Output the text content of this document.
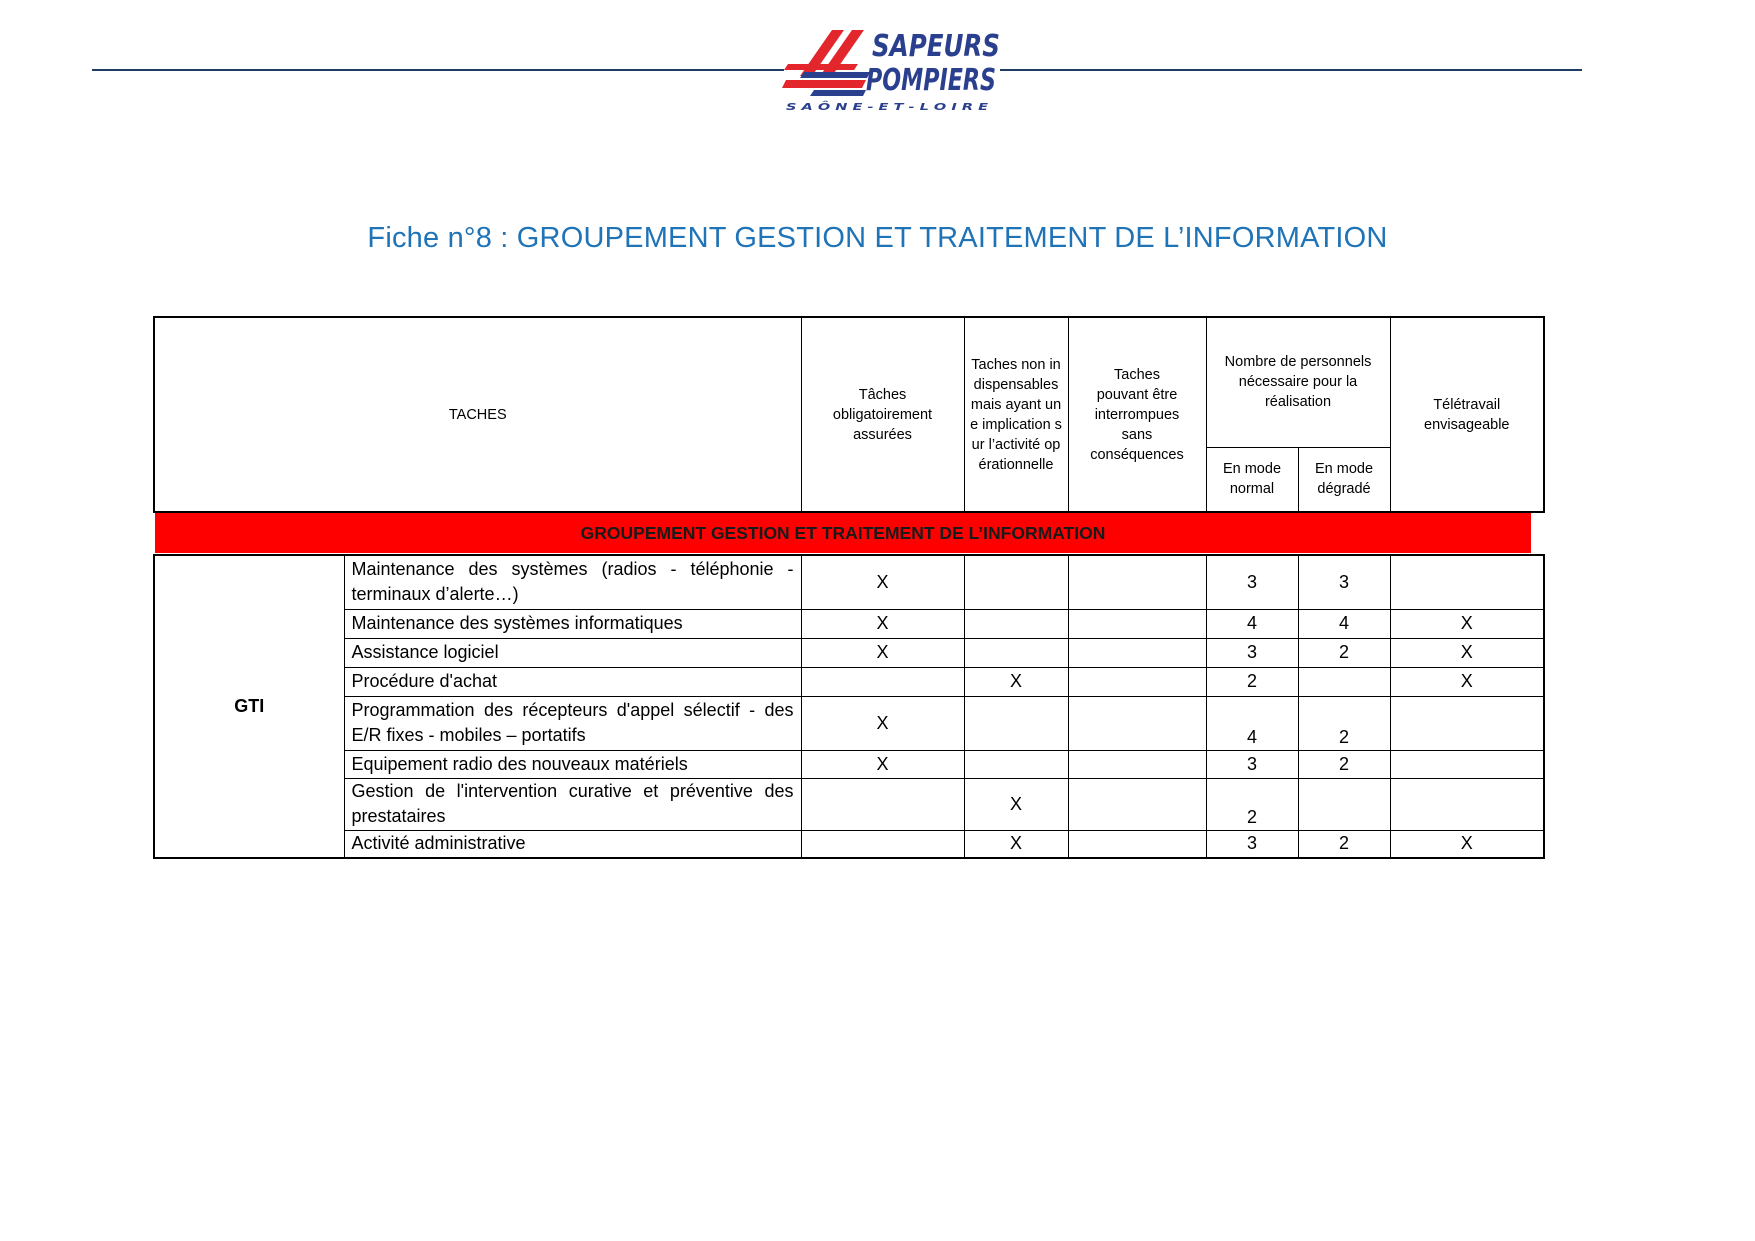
SAPEURS
POMPIERS
S A Ô N E - E T - L O I R E
Fiche n°8 : GROUPEMENT GESTION ET TRAITEMENT DE L’INFORMATION
TACHES	Tâches obligatoirement assurées	Taches non indispensables mais ayant une implication sur l’activité opérationnelle	Taches pouvant être interrompues sans conséquences	Nombre de personnels nécessaire pour la réalisation		Télétravail envisageable
				En mode normal	En mode dégradé	
GROUPEMENT GESTION ET TRAITEMENT DE L’INFORMATION
GTI	Maintenance des systèmes (radios - téléphonie - terminaux d’alerte…)	X			3	3	
	Maintenance des systèmes informatiques	X			4	4	X
	Assistance logiciel	X			3	2	X
	Procédure d'achat		X		2		X
	Programmation des récepteurs d'appel sélectif - des E/R fixes - mobiles – portatifs	X			4	2	
	Equipement radio des nouveaux matériels	X			3	2	
	Gestion de l'intervention curative et préventive des prestataires		X		2		
	Activité administrative		X		3	2	X
